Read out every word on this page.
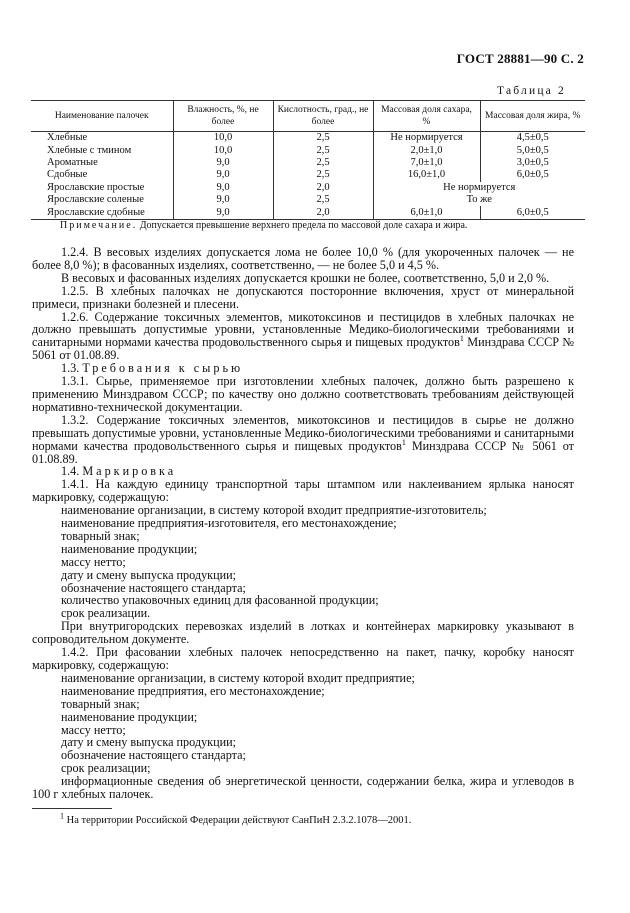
ГОСТ 28881—90 С. 2
Таблица 2
Наименование палочек	Влажность, %, не более	Кислотность, град., не более	Массовая доля сахара, %	Массовая доля жира, %
Хлебные	10,0	2,5	Не нормируется	4,5±0,5
Хлебные с тмином	10,0	2,5	2,0±1,0	5,0±0,5
Ароматные	9,0	2,5	7,0±1,0	3,0±0,5
Сдобные	9,0	2,5	16,0±1,0	6,0±0,5
Ярославские простые	9,0	2,0	Не нормируется	
Ярославские соленые	9,0	2,5	То же	
Ярославские сдобные	9,0	2,0	6,0±1,0	6,0±0,5
Примечание. Допускается превышение верхнего предела по массовой доле сахара и жира.

1.2.4. В весовых изделиях допускается лома не более 10,0 % (для укороченных палочек — не более 8,0 %); в фасованных изделиях, соответственно, — не более 5,0 и 4,5 %.

В весовых и фасованных изделиях допускается крошки не более, соответственно, 5,0 и 2,0 %.

1.2.5. В хлебных палочках не допускаются посторонние включения, хруст от минеральной примеси, признаки болезней и плесени.

1.2.6. Содержание токсичных элементов, микотоксинов и пестицидов в хлебных палочках не должно превышать допустимые уровни, установленные Медико-биологическими требованиями и санитарными нормами качества продовольственного сырья и пищевых продуктов$^1$ Минздрава СССР № 5061 от 01.08.89.

1.3. Требования к сырью

1.3.1. Сырье, применяемое при изготовлении хлебных палочек, должно быть разрешено к применению Минздравом СССР; по качеству оно должно соответствовать требованиям действующей нормативно-технической документации.

1.3.2. Содержание токсичных элементов, микотоксинов и пестицидов в сырье не должно превышать допустимые уровни, установленные Медико-биологическими требованиями и санитарными нормами качества продовольственного сырья и пищевых продуктов$^1$ Минздрава СССР № 5061 от 01.08.89.

1.4. Маркировка

1.4.1. На каждую единицу транспортной тары штампом или наклеиванием ярлыка наносят маркировку, содержащую:

наименование организации, в систему которой входит предприятие-изготовитель;

наименование предприятия-изготовителя, его местонахождение;

товарный знак;

наименование продукции;

массу нетто;

дату и смену выпуска продукции;

обозначение настоящего стандарта;

количество упаковочных единиц для фасованной продукции;

срок реализации.

При внутригородских перевозках изделий в лотках и контейнерах маркировку указывают в сопроводительном документе.

1.4.2. При фасовании хлебных палочек непосредственно на пакет, пачку, коробку наносят маркировку, содержащую:

наименование организации, в систему которой входит предприятие;

наименование предприятия, его местонахождение;

товарный знак;

наименование продукции;

массу нетто;

дату и смену выпуска продукции;

обозначение настоящего стандарта;

срок реализации;

информационные сведения об энергетической ценности, содержании белка, жира и углеводов в 100 г хлебных палочек.

$^1$ На территории Российской Федерации действуют СанПиН 2.3.2.1078—2001.
